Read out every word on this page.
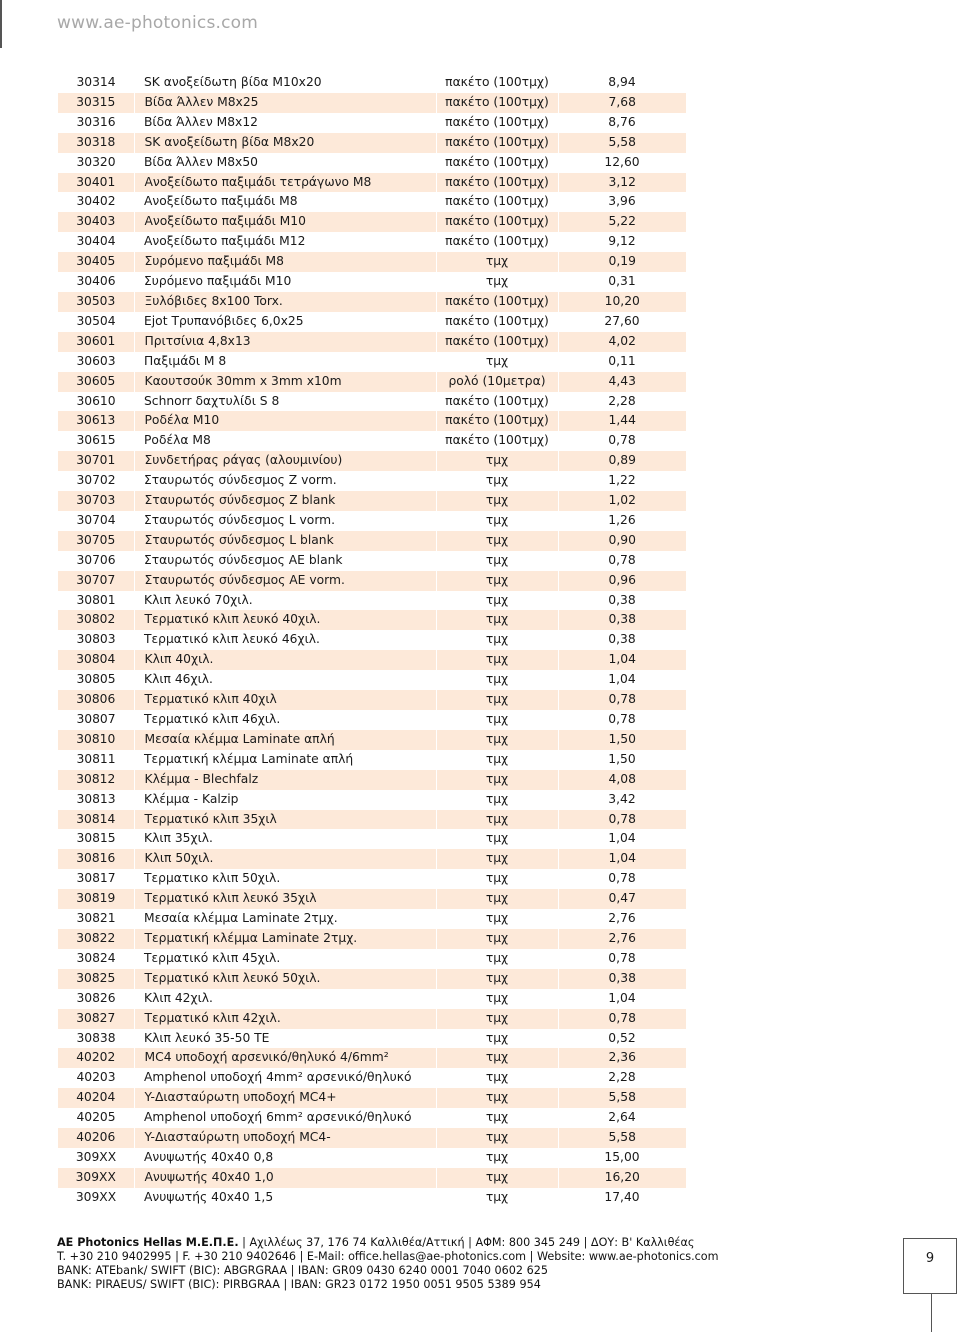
www.ae-photonics.com
30314	SK ανοξείδωτη βίδα M10x20	πακέτο (100τμχ)	8,94
30315	Βίδα Άλλεν M8x25	πακέτο (100τμχ)	7,68
30316	Βίδα Άλλεν M8x12	πακέτο (100τμχ)	8,76
30318	SK ανοξείδωτη βίδα M8x20	πακέτο (100τμχ)	5,58
30320	Βίδα Άλλεν M8x50	πακέτο (100τμχ)	12,60
30401	Ανοξείδωτο παξιμάδι τετράγωνο M8	πακέτο (100τμχ)	3,12
30402	Ανοξείδωτο παξιμάδι M8	πακέτο (100τμχ)	3,96
30403	Ανοξείδωτο παξιμάδι M10	πακέτο (100τμχ)	5,22
30404	Ανοξείδωτο παξιμάδι M12	πακέτο (100τμχ)	9,12
30405	Συρόμενο παξιμάδι M8	τμχ	0,19
30406	Συρόμενο παξιμάδι M10	τμχ	0,31
30503	Ξυλόβιδες 8x100 Torx.	πακέτο (100τμχ)	10,20
30504	Ejot Τρυπανόβιδες 6,0x25	πακέτο (100τμχ)	27,60
30601	Πριτσίνια 4,8x13	πακέτο (100τμχ)	4,02
30603	Παξιμάδι M 8	τμχ	0,11
30605	Καουτσούκ 30mm x 3mm x10m	ρολό (10μετρα)	4,43
30610	Schnorr δαχτυλίδι S 8	πακέτο (100τμχ)	2,28
30613	Ροδέλα M10	πακέτο (100τμχ)	1,44
30615	Ροδέλα M8	πακέτο (100τμχ)	0,78
30701	Συνδετήρας ράγας (αλουμινίου)	τμχ	0,89
30702	Σταυρωτός σύνδεσμος Z vorm.	τμχ	1,22
30703	Σταυρωτός σύνδεσμος Z blank	τμχ	1,02
30704	Σταυρωτός σύνδεσμος L vorm.	τμχ	1,26
30705	Σταυρωτός σύνδεσμος L blank	τμχ	0,90
30706	Σταυρωτός σύνδεσμος AE blank	τμχ	0,78
30707	Σταυρωτός σύνδεσμος AE vorm.	τμχ	0,96
30801	Κλιπ λευκό 70χιλ.	τμχ	0,38
30802	Τερματικό κλιπ λευκό 40χιλ.	τμχ	0,38
30803	Τερματικό κλιπ λευκό 46χιλ.	τμχ	0,38
30804	Κλιπ 40χιλ.	τμχ	1,04
30805	Κλιπ 46χιλ.	τμχ	1,04
30806	Τερματικό κλιπ 40χιλ	τμχ	0,78
30807	Τερματικό κλιπ 46χιλ.	τμχ	0,78
30810	Μεσαία κλέμμα Laminate απλή	τμχ	1,50
30811	Τερματική κλέμμα Laminate απλή	τμχ	1,50
30812	Κλέμμα - Blechfalz	τμχ	4,08
30813	Κλέμμα - Kalzip	τμχ	3,42
30814	Τερματικό κλιπ 35χιλ	τμχ	0,78
30815	Κλιπ 35χιλ.	τμχ	1,04
30816	Κλιπ 50χιλ.	τμχ	1,04
30817	Τερματικο κλιπ 50χιλ.	τμχ	0,78
30819	Τερματικό κλιπ λευκό 35χιλ	τμχ	0,47
30821	Μεσαία κλέμμα Laminate 2τμχ.	τμχ	2,76
30822	Τερματική κλέμμα Laminate 2τμχ.	τμχ	2,76
30824	Τερματικό κλιπ 45χιλ.	τμχ	0,78
30825	Τερματικό κλιπ λευκό 50χιλ.	τμχ	0,38
30826	Κλιπ 42χιλ.	τμχ	1,04
30827	Τερματικό κλιπ 42χιλ.	τμχ	0,78
30838	Κλιπ λευκό 35-50 TE	τμχ	0,52
40202	MC4 υποδοχή αρσενικό/θηλυκό 4/6mm²	τμχ	2,36
40203	Amphenol υποδοχή 4mm² αρσενικό/θηλυκό	τμχ	2,28
40204	Y-Διασταύρωτη υποδοχή MC4+	τμχ	5,58
40205	Amphenol υποδοχή 6mm² αρσενικό/θηλυκό	τμχ	2,64
40206	Y-Διασταύρωτη υποδοχή MC4-	τμχ	5,58
309XX	Ανυψωτής 40x40 0,8	τμχ	15,00
309XX	Ανυψωτής 40x40 1,0	τμχ	16,20
309XX	Ανυψωτής 40x40 1,5	τμχ	17,40
AE Photonics Hellas Μ.Ε.Π.Ε. | Αχιλλέως 37, 176 74 Καλλιθέα/Αττική | ΑΦΜ: 800 345 249 | ΔΟΥ: Β' Καλλιθέας
T. +30 210 9402995 | F. +30 210 9402646 | E-Mail: office.hellas@ae-photonics.com | Website: www.ae-photonics.com
BANK: ATEbank/ SWIFT (BIC): ABGRGRAA | IBAN: GR09 0430 6240 0001 7040 0602 625
BANK: PIRAEUS/ SWIFT (BIC): PIRBGRAA | IBAN: GR23 0172 1950 0051 9505 5389 954
9
